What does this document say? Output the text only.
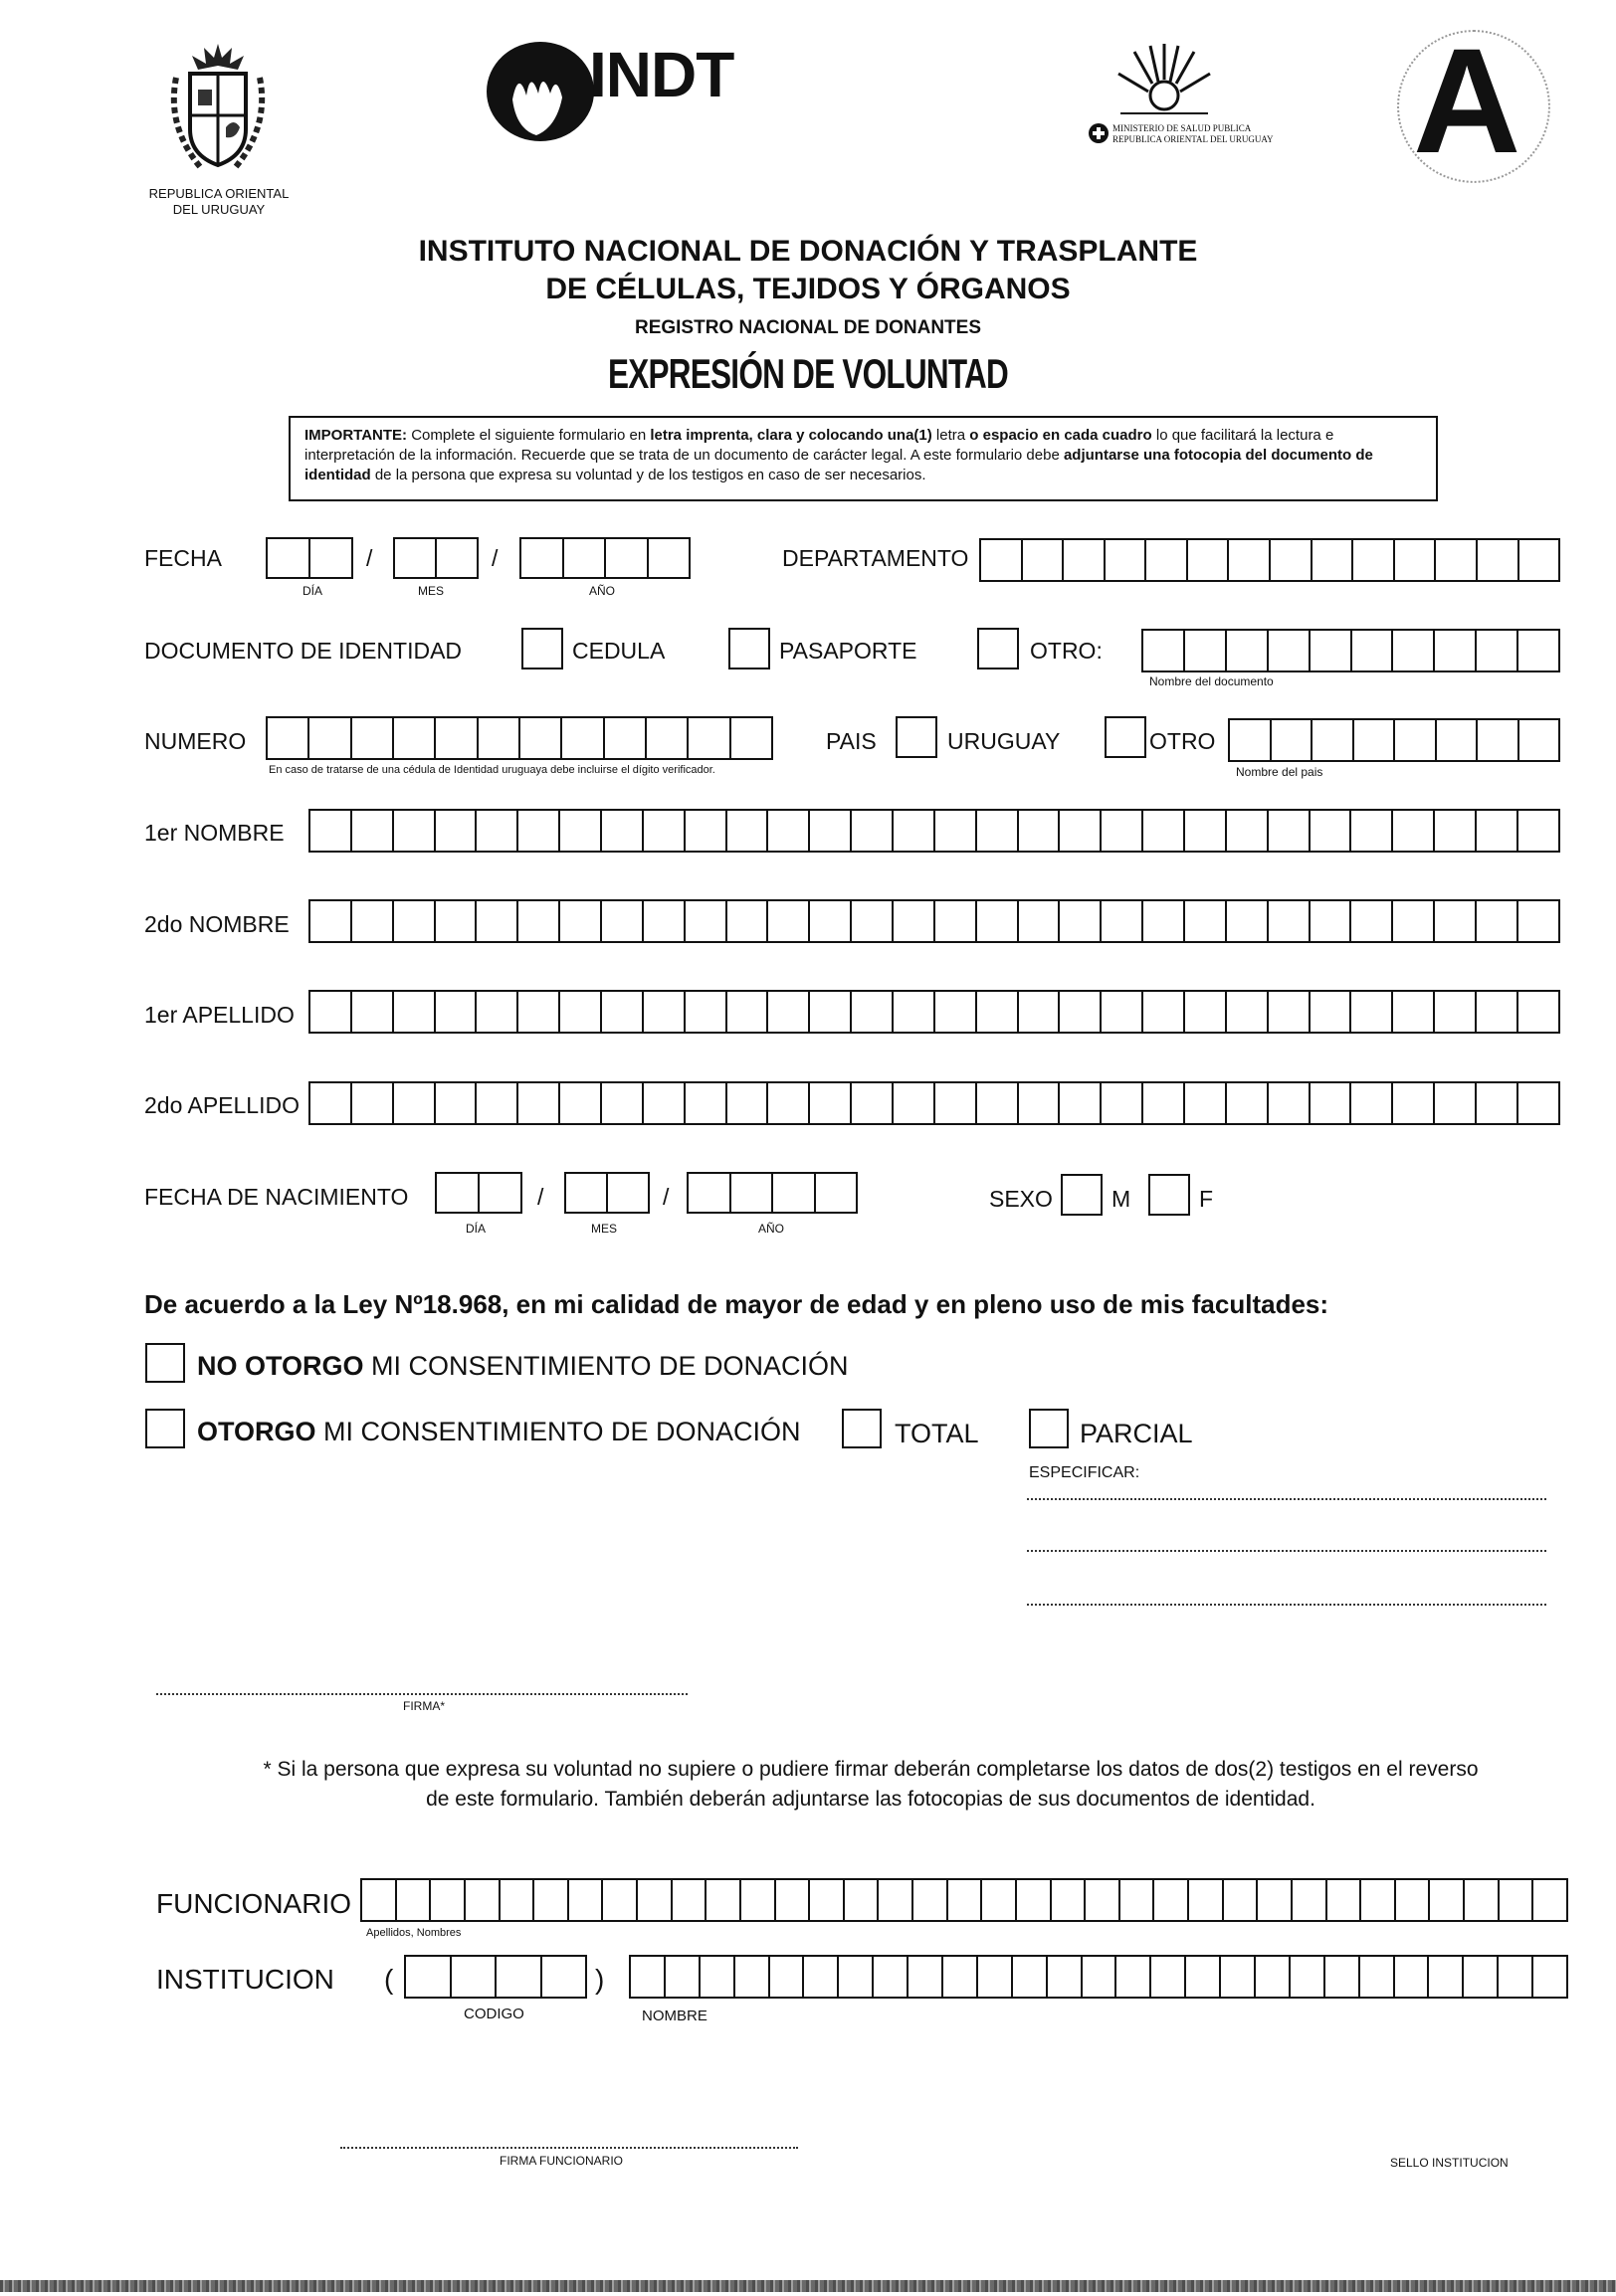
REPUBLICA ORIENTAL
DEL URUGUAY
INDT
MINISTERIO DE SALUD PUBLICA
REPUBLICA ORIENTAL DEL URUGUAY A
INSTITUTO NACIONAL DE DONACIÓN Y TRASPLANTE
DE CÉLULAS, TEJIDOS Y ÓRGANOS
REGISTRO NACIONAL DE DONANTES
EXPRESIÓN DE VOLUNTAD
IMPORTANTE: Complete el siguiente formulario en letra imprenta, clara y colocando una(1) letra o espacio en cada cuadro lo que facilitará la lectura e interpretación de la información. Recuerde que se trata de un documento de carácter legal. A este formulario debe adjuntarse una fotocopia del documento de identidad de la persona que expresa su voluntad y de los testigos en caso de ser necesarios.
FECHA	/	/
DÍA	MES	AÑO
DEPARTAMENTO
DOCUMENTO DE IDENTIDAD	CEDULA	PASAPORTE	OTRO:
Nombre del documento
NUMERO
En caso de tratarse de una cédula de Identidad uruguaya debe incluirse el dígito verificador.
PAIS	URUGUAY	OTRO
Nombre del pais
1er NOMBRE
2do NOMBRE
1er APELLIDO
2do APELLIDO
FECHA DE NACIMIENTO	/	/
DÍA	MES	AÑO
SEXO	M	F
De acuerdo a la Ley Nº18.968, en mi calidad de mayor de edad y en pleno uso de mis facultades:
NO OTORGO MI CONSENTIMIENTO DE DONACIÓN
OTORGO MI CONSENTIMIENTO DE DONACIÓN	TOTAL	PARCIAL
ESPECIFICAR:
FIRMA*
* Si la persona que expresa su voluntad no supiere o pudiere firmar deberán completarse los datos de dos(2) testigos en el reverso de este formulario. También deberán adjuntarse las fotocopias de sus documentos de identidad.
FUNCIONARIO
Apellidos, Nombres
INSTITUCION (	)
CODIGO	NOMBRE
FIRMA FUNCIONARIO	SELLO INSTITUCION
